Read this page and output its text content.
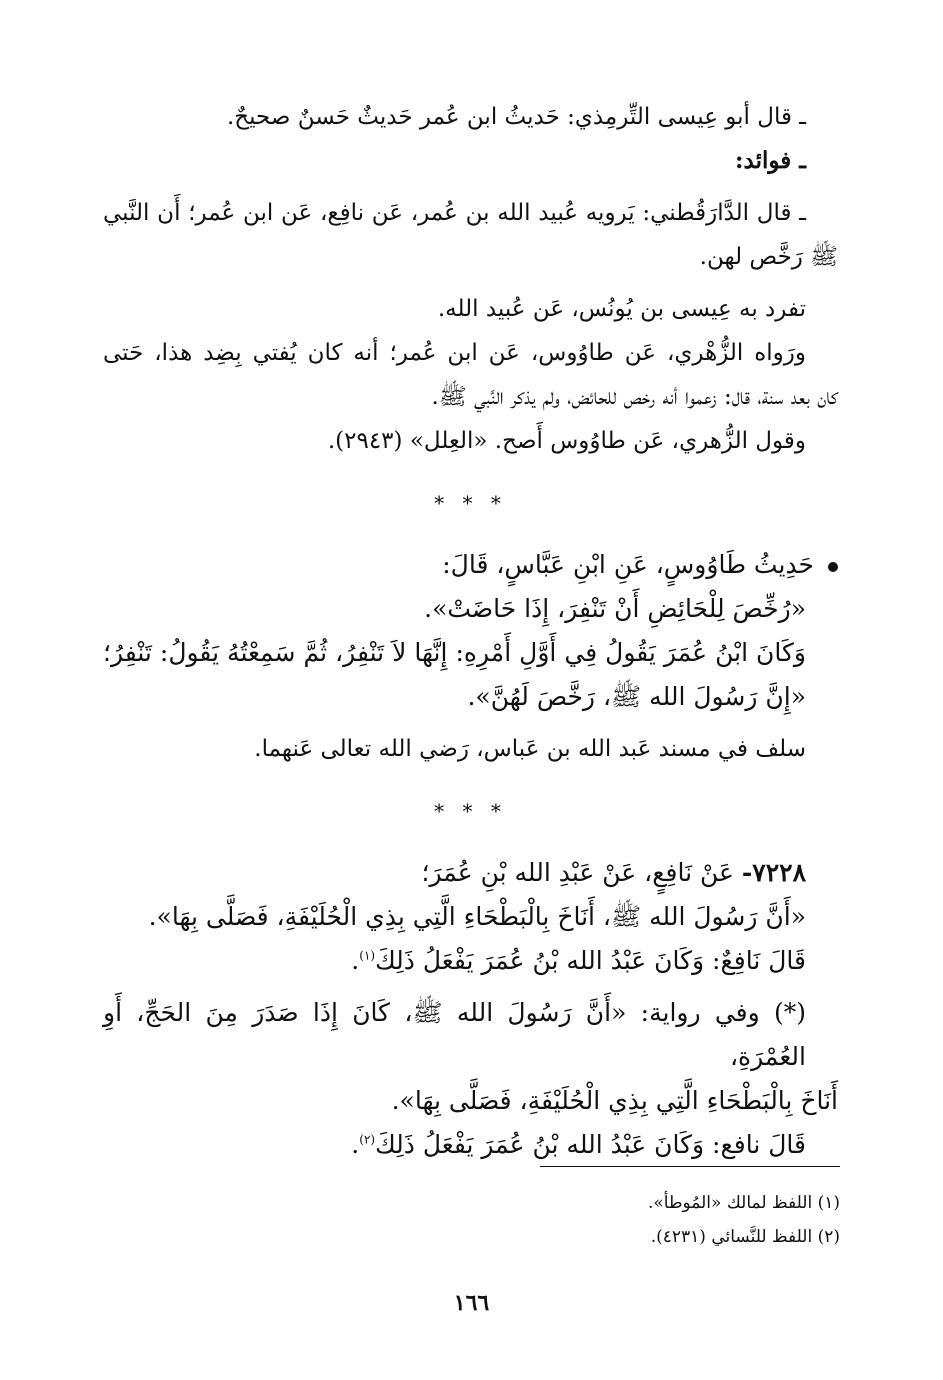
ـ قال أبو عِيسى التِّرمِذي: حَديثُ ابن عُمر حَديثٌ حَسنٌ صحيحٌ.

ـ فوائد:

ـ قال الدَّارَقُطني: يَرويه عُبيد الله بن عُمر، عَن نافِع، عَن ابن عُمر؛ أَن النَّبي

ﷺ رَخَّص لهن.

تفرد به عِيسى بن يُونُس، عَن عُبيد الله.

ورَواه الزُّهْري، عَن طاوُوس، عَن ابن عُمر؛ أنه كان يُفتي بِضِد هذا، حَتى

كان بعد سنة، قال: زعموا أنه رخص للحائض، ولم يذكر النَّبي ﷺ.

وقول الزُّهري، عَن طاوُوس أَصح. «العِلل» (٢٩٤٣).

* * *

حَدِيثُ طَاوُوسٍ، عَنِ ابْنِ عَبَّاسٍ، قَالَ:

«رُخِّصَ لِلْحَائِضِ أَنْ تَنْفِرَ، إِذَا حَاضَتْ».

وَكَانَ ابْنُ عُمَرَ يَقُولُ فِي أَوَّلِ أَمْرِهِ: إِنَّهَا لاَ تَنْفِرُ، ثُمَّ سَمِعْتُهُ يَقُولُ: تَنْفِرُ؛

«إِنَّ رَسُولَ الله ﷺ، رَخَّصَ لَهُنَّ».

سلف في مسند عَبد الله بن عَباس، رَضي الله تعالى عَنهما.

* * *

٧٢٢٨- عَنْ نَافِعٍ، عَنْ عَبْدِ الله بْنِ عُمَرَ؛

«أَنَّ رَسُولَ الله ﷺ، أَنَاخَ بِالْبَطْحَاءِ الَّتِي بِذِي الْحُلَيْفَةِ، فَصَلَّى بِهَا».

قَالَ نَافِعٌ: وَكَانَ عَبْدُ الله بْنُ عُمَرَ يَفْعَلُ ذَلِكَ$^{(١)}$.

(*) وفي رواية: «أَنَّ رَسُولَ الله ﷺ، كَانَ إِذَا صَدَرَ مِنَ الحَجِّ، أَوِ العُمْرَةِ،

أَنَاخَ بِالْبَطْحَاءِ الَّتِي بِذِي الْحُلَيْفَةِ، فَصَلَّى بِهَا».

قَالَ نافع: وَكَانَ عَبْدُ الله بْنُ عُمَرَ يَفْعَلُ ذَلِكَ$^{(٢)}$.

(١) اللفظ لمالك «المُوطأ».

(٢) اللفظ للنَّسائي (٤٢٣١).

١٦٦
